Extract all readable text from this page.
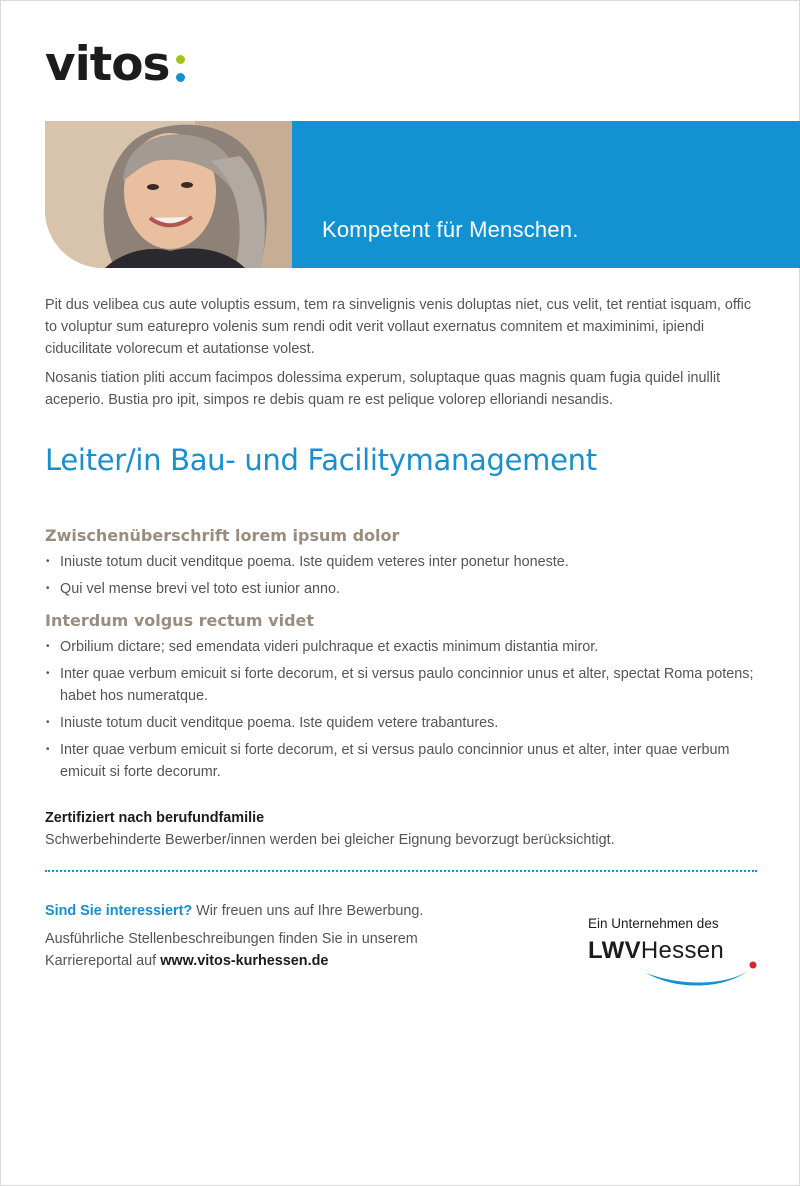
vitos
Kompetent für Menschen.

Pit dus velibea cus aute voluptis essum, tem ra sinvelignis venis doluptas niet, cus velit, tet rentiat isquam, offic to voluptur sum eaturepro volenis sum rendi odit verit vollaut exernatus comnitem et maximinimi, ipiendi ciducilitate volorecum et autationse volest.

Nosanis tiation pliti accum facimpos dolessima experum, soluptaque quas magnis quam fugia quidel inullit aceperio. Bustia pro ipit, simpos re debis quam re est pelique volorep elloriandi nesandis.

Leiter/in Bau- und Facilitymanagement
Zwischenüberschrift lorem ipsum dolor
• Iniuste totum ducit venditque poema. Iste quidem veteres inter ponetur honeste.
• Qui vel mense brevi vel toto est iunior anno.
Interdum volgus rectum videt
• Orbilium dictare; sed emendata videri pulchraque et exactis minimum distantia miror.
• Inter quae verbum emicuit si forte decorum, et si versus paulo concinnior unus et alter, spectat Roma potens; habet hos numeratque.
• Iniuste totum ducit venditque poema. Iste quidem vetere trabantures.
• Inter quae verbum emicuit si forte decorum, et si versus paulo concinnior unus et alter, inter quae verbum emicuit si forte decorumr.
Zertifiziert nach berufundfamilie
Schwerbehinderte Bewerber/innen werden bei gleicher Eignung bevorzugt berücksichtigt.

Sind Sie interessiert? Wir freuen uns auf Ihre Bewerbung.

Ausführliche Stellenbeschreibungen finden Sie in unserem
Karriereportal auf www.vitos-kurhessen.de

Ein Unternehmen des
LWVHessen
